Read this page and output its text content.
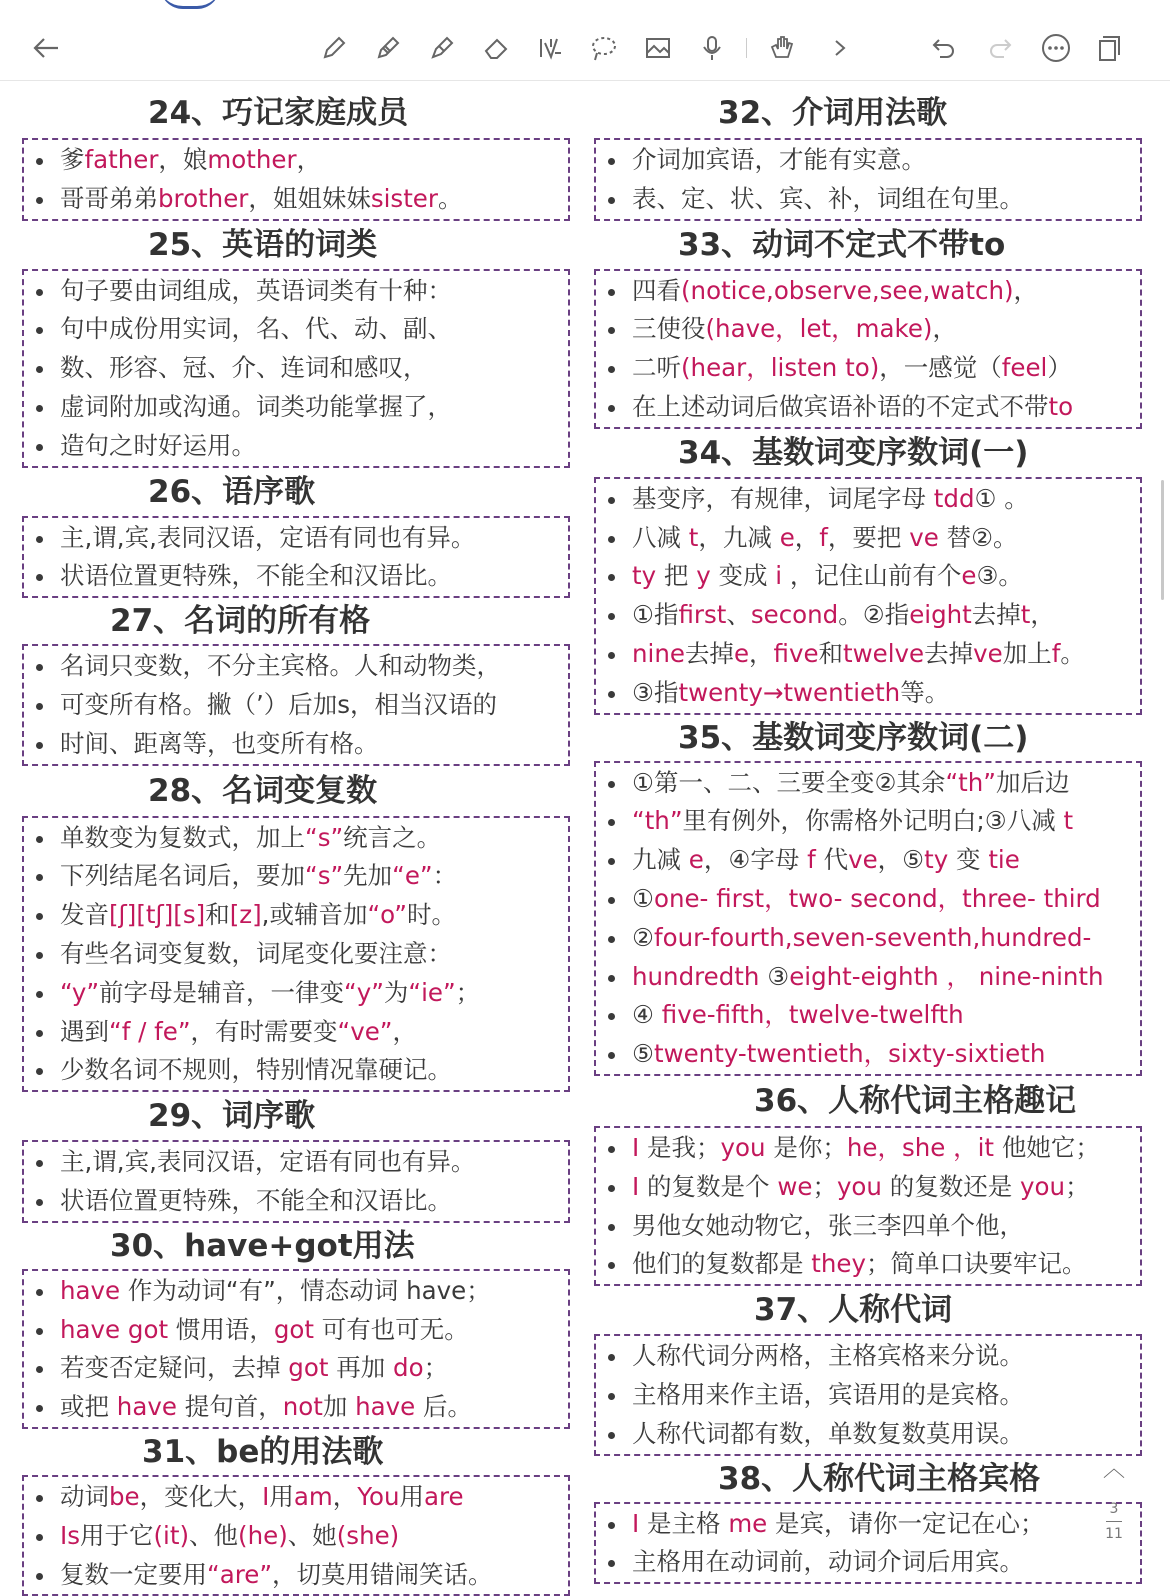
24、巧记家庭成员
爹father，娘mother，
哥哥弟弟brother，姐姐妹妹sister。
25、英语的词类
句子要由词组成，英语词类有十种：
句中成份用实词，名、代、动、副、
数、形容、冠、介、连词和感叹，
虚词附加或沟通。词类功能掌握了，
造句之时好运用。
26、语序歌
主,谓,宾,表同汉语，定语有同也有异。
状语位置更特殊，不能全和汉语比。
27、名词的所有格
名词只变数，不分主宾格。人和动物类，
可变所有格。撇（’）后加s，相当汉语的
时间、距离等，也变所有格。
28、名词变复数
单数变为复数式，加上“s”统言之。
下列结尾名词后，要加“s”先加“e”：
发音[ʃ][tʃ][s]和[z],或辅音加“o”时。
有些名词变复数，词尾变化要注意：
“y”前字母是辅音，一律变“y”为“ie”；
遇到“f / fe”，有时需要变“ve”，
少数名词不规则，特别情况靠硬记。
29、词序歌
主,谓,宾,表同汉语，定语有同也有异。
状语位置更特殊，不能全和汉语比。
30、have+got用法
have 作为动词“有”，情态动词 have；
have got 惯用语，got 可有也可无。
若变否定疑问，去掉 got 再加 do；
或把 have 提句首，not加 have 后。
31、be的用法歌
动词be，变化大，I用am，You用are
Is用于它(it)、他(he)、她(she)
复数一定要用“are”，切莫用错闹笑话。
32、介词用法歌
介词加宾语，才能有实意。
表、定、状、宾、补，词组在句里。
33、动词不定式不带to
四看(notice,observe,see,watch)，
三使役(have，let，make)，
二听(hear，listen to)，一感觉（feel）
在上述动词后做宾语补语的不定式不带to
34、基数词变序数词(一)
基变序，有规律，词尾字母 tdd① 。
八减 t，九减 e，f，要把 ve 替②。
ty 把 y 变成 i ，记住山前有个e③。
①指first、second。②指eight去掉t，
nine去掉e，five和twelve去掉ve加上f。
③指twenty→twentieth等。
35、基数词变序数词(二)
①第一、二、三要全变②其余“th”加后边
“th”里有例外，你需格外记明白;③八减 t
九减 e，④字母 f 代ve，⑤ty 变 tie
①one- first，two- second，three- third
②four-fourth,seven-seventh,hundred-
hundredth ③eight-eighth ， nine-ninth
④ five-fifth，twelve-twelfth
⑤twenty-twentieth，sixty-sixtieth
36、人称代词主格趣记
I 是我；you 是你；he，she ，it 他她它；
I 的复数是个 we；you 的复数还是 you；
男他女她动物它，张三李四单个他，
他们的复数都是 they；简单口诀要牢记。
37、人称代词
人称代词分两格，主格宾格来分说。
主格用来作主语，宾语用的是宾格。
人称代词都有数，单数复数莫用误。
38、人称代词主格宾格
I 是主格 me 是宾，请你一定记在心；
主格用在动词前，动词介词后用宾。
︿
3
11
